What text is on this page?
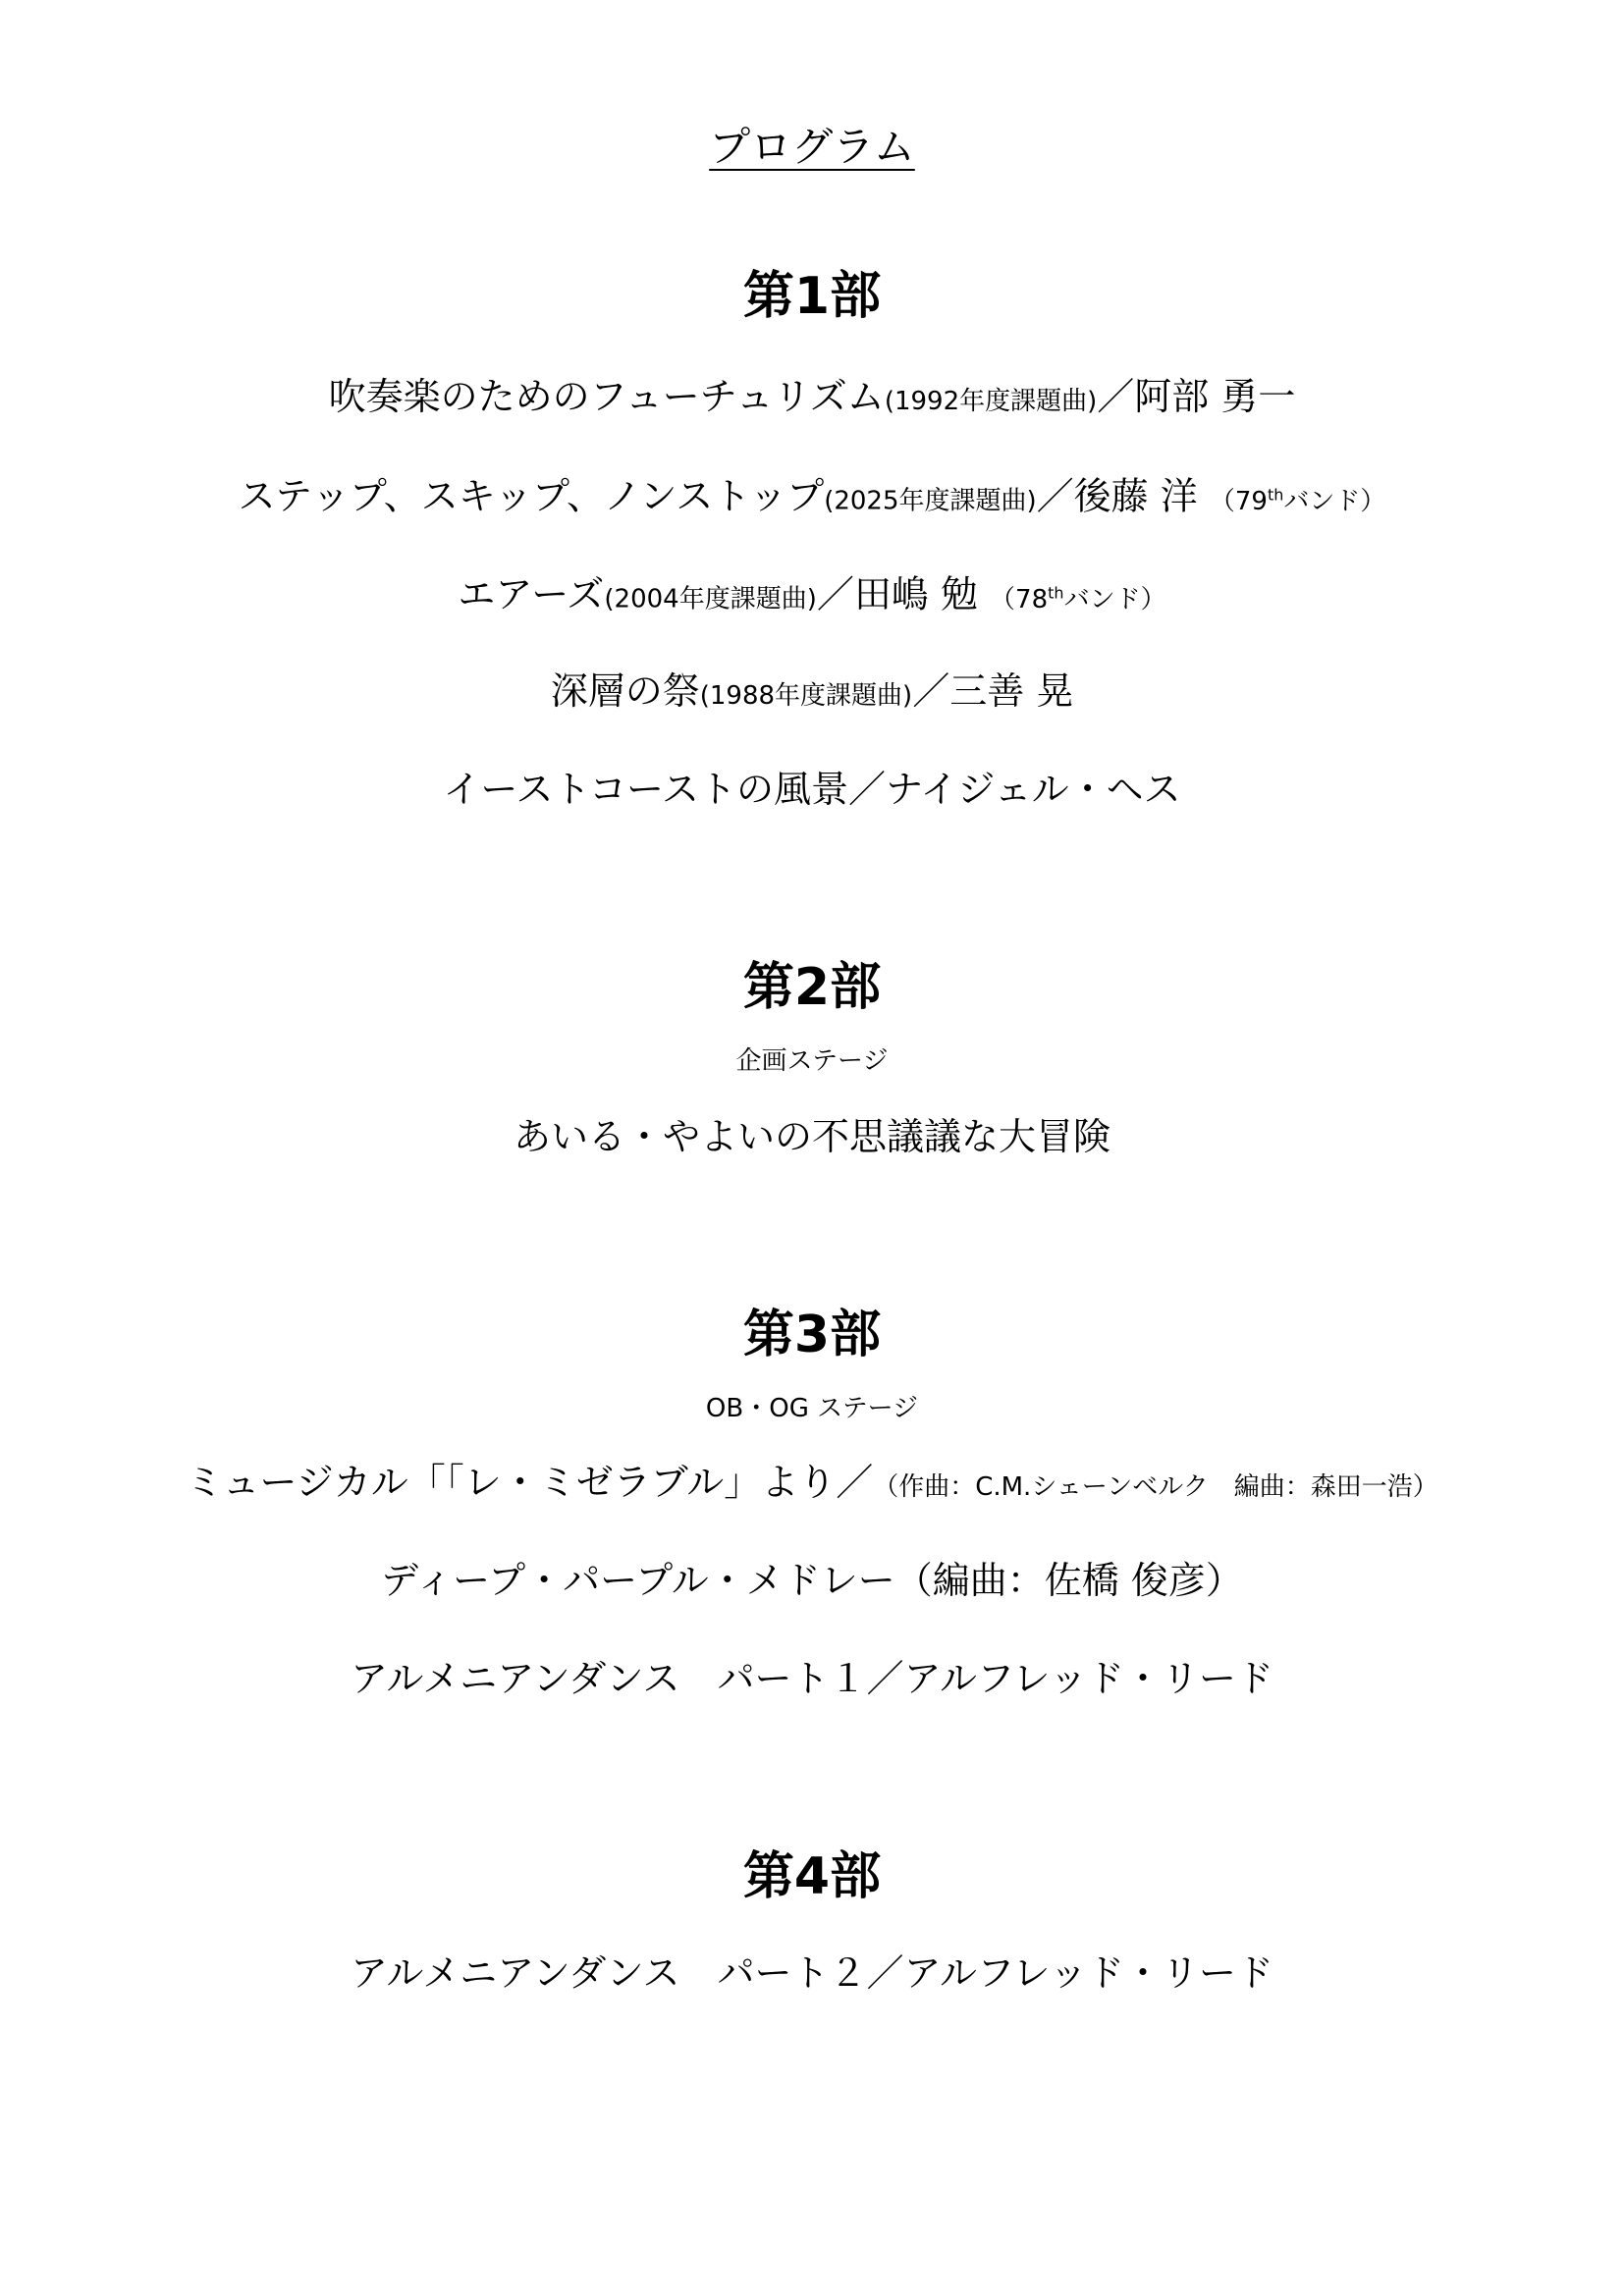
プログラム
第1部
吹奏楽のためのフューチュリズム(1992年度課題曲)／阿部 勇一
ステップ、スキップ、ノンストップ(2025年度課題曲)／後藤 洋 （79thバンド）
エアーズ(2004年度課題曲)／田嶋 勉 （78thバンド）
深層の祭(1988年度課題曲)／三善 晃
イーストコーストの風景／ナイジェル・ヘス
第2部
企画ステージ
あいる・やよいの不思議議な大冒険
第3部
OB・OG ステージ
ミュージカル「「レ・ミゼラブル」より／（作曲：C.M.シェーンベルク　編曲：森田一浩）
ディープ・パープル・メドレー（編曲：佐橋 俊彦）
アルメニアンダンス　パート１／アルフレッド・リード
第4部
アルメニアンダンス　パート２／アルフレッド・リード
